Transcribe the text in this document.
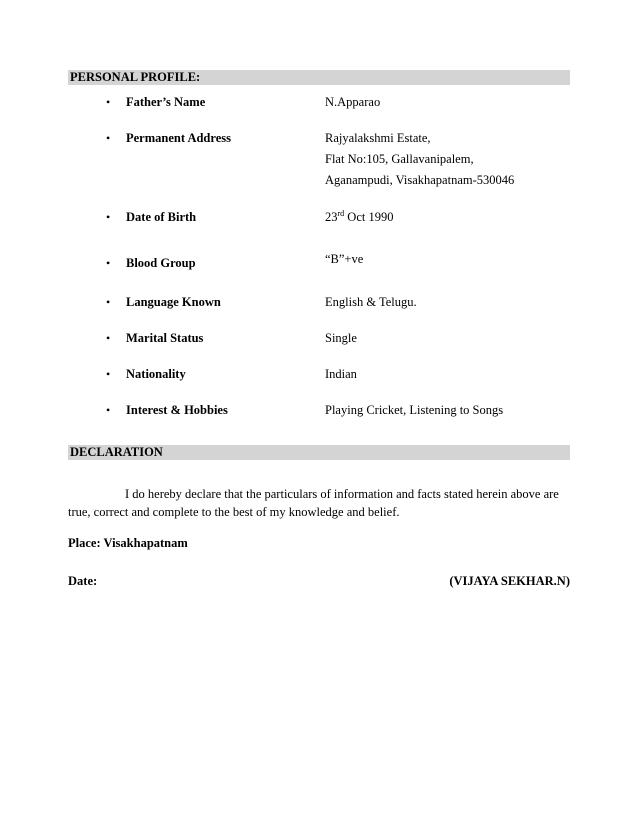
PERSONAL PROFILE:
• Father’s Name	N.Apparao
• Permanent Address	Rajyalakshmi Estate,
Flat No:105, Gallavanipalem,
Aganampudi, Visakhapatnam-530046
• Date of Birth	23rd Oct 1990
• Blood Group	“B”+ve
• Language Known	English & Telugu.
• Marital Status	Single
• Nationality	Indian
• Interest & Hobbies	Playing Cricket, Listening to Songs
DECLARATION
I do hereby declare that the particulars of information and facts stated herein above are true, correct and complete to the best of my knowledge and belief.
Place: Visakhapatnam
Date:	(VIJAYA SEKHAR.N)
